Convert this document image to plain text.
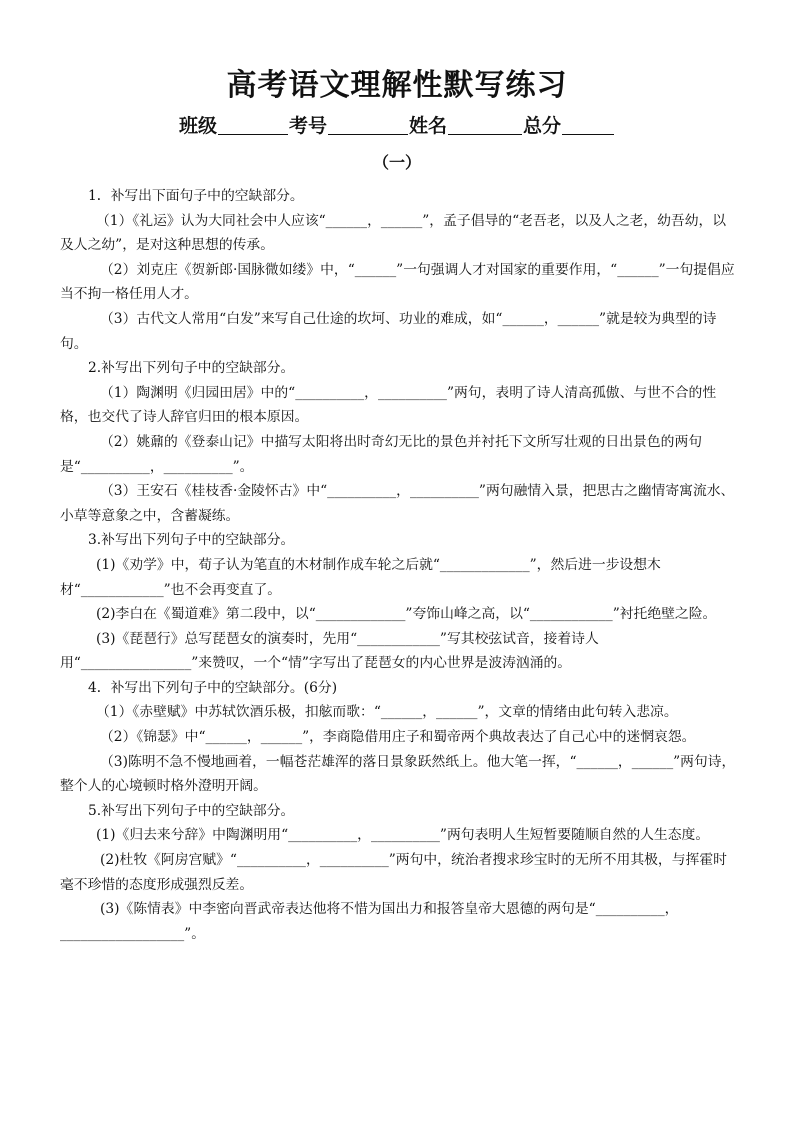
高考语文理解性默写练习
班级	考号	姓名	总分
（一）

1．补写出下面句子中的空缺部分。

（1）《礼运》认为大同社会中人应该“______，______”，孟子倡导的“老吾老，以及人之老，幼吾幼，以及人之幼”，是对这种思想的传承。

（2）刘克庄《贺新郎·国脉微如缕》中，“______”一句强调人才对国家的重要作用，“______”一句提倡应当不拘一格任用人才。

（3）古代文人常用“白发”来写自己仕途的坎坷、功业的难成，如“______，______”就是较为典型的诗句。

2.补写出下列句子中的空缺部分。

（1）陶渊明《归园田居》中的“__________，__________”两句，表明了诗人清高孤傲、与世不合的性格，也交代了诗人辞官归田的根本原因。

（2）姚鼐的《登泰山记》中描写太阳将出时奇幻无比的景色并衬托下文所写壮观的日出景色的两句是“__________，__________”。

（3）王安石《桂枝香·金陵怀古》中“__________，__________”两句融情入景，把思古之幽情寄寓流水、小草等意象之中，含蓄凝练。

3.补写出下列句子中的空缺部分。

(1)《劝学》中，荀子认为笔直的木材制作成车轮之后就“_____________”，然后进一步设想木材“____________”也不会再变直了。

(2)李白在《蜀道难》第二段中，以“_____________”夸饰山峰之高，以“____________”衬托绝壁之险。

(3)《琵琶行》总写琵琶女的演奏时，先用“____________”写其校弦试音，接着诗人用“________________”来赞叹，一个“情”字写出了琵琶女的内心世界是波涛汹涌的。

4．补写出下列句子中的空缺部分。(6分)

（1）《赤壁赋》中苏轼饮酒乐极，扣舷而歌：“______，______”，文章的情绪由此句转入悲凉。

（2）《锦瑟》中“______，______”，李商隐借用庄子和蜀帝两个典故表达了自己心中的迷惘哀怨。

（3)陈明不急不慢地画着，一幅苍茫雄浑的落日景象跃然纸上。他大笔一挥，“______，______”两句诗，整个人的心境顿时格外澄明开阔。

5.补写出下列句子中的空缺部分。

(1)《归去来兮辞》中陶渊明用“__________，__________”两句表明人生短暂要随顺自然的人生态度。

(2)杜牧《阿房宫赋》“__________，__________”两句中，统治者搜求珍宝时的无所不用其极，与挥霍时毫不珍惜的态度形成强烈反差。

(3)《陈情表》中李密向晋武帝表达他将不惜为国出力和报答皇帝大恩德的两句是“__________，__________________”。
